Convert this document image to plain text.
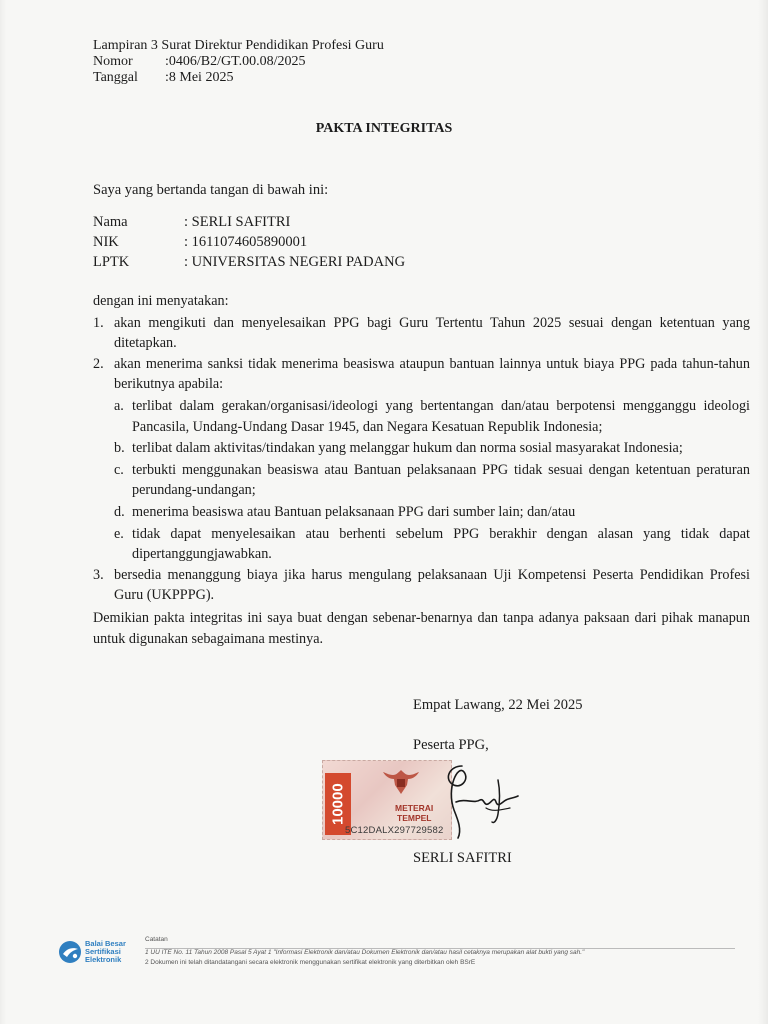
Lampiran 3 Surat Direktur Pendidikan Profesi Guru
Nomor	:0406/B2/GT.00.08/2025
Tanggal	:8 Mei 2025
PAKTA INTEGRITAS
Saya yang bertanda tangan di bawah ini:
Nama	: SERLI SAFITRI
NIK	: 1611074605890001
LPTK	: UNIVERSITAS NEGERI PADANG
dengan ini menyatakan:
1. akan mengikuti dan menyelesaikan PPG bagi Guru Tertentu Tahun 2025 sesuai dengan ketentuan yang ditetapkan.
2. akan menerima sanksi tidak menerima beasiswa ataupun bantuan lainnya untuk biaya PPG pada tahun-tahun berikutnya apabila:
a. terlibat dalam gerakan/organisasi/ideologi yang bertentangan dan/atau berpotensi mengganggu ideologi Pancasila, Undang-Undang Dasar 1945, dan Negara Kesatuan Republik Indonesia;
b. terlibat dalam aktivitas/tindakan yang melanggar hukum dan norma sosial masyarakat Indonesia;
c. terbukti menggunakan beasiswa atau Bantuan pelaksanaan PPG tidak sesuai dengan ketentuan peraturan perundang-undangan;
d. menerima beasiswa atau Bantuan pelaksanaan PPG dari sumber lain; dan/atau
e. tidak dapat menyelesaikan atau berhenti sebelum PPG berakhir dengan alasan yang tidak dapat dipertanggungjawabkan.
3. bersedia menanggung biaya jika harus mengulang pelaksanaan Uji Kompetensi Peserta Pendidikan Profesi Guru (UKPPPG).
Demikian pakta integritas ini saya buat dengan sebenar-benarnya dan tanpa adanya paksaan dari pihak manapun untuk digunakan sebagaimana mestinya.
Empat Lawang, 22 Mei 2025
Peserta PPG,
10000	METERAI
TEMPEL
5C12DALX297729582
SERLI SAFITRI
Balai Besar
Sertifikasi
Elektronik
Catatan
1 UU ITE No. 11 Tahun 2008 Pasal 5 Ayat 1 "Informasi Elektronik dan/atau Dokumen Elektronik dan/atau hasil cetaknya merupakan alat bukti yang sah."
2 Dokumen ini telah ditandatangani secara elektronik menggunakan sertifikat elektronik yang diterbitkan oleh BSrE
